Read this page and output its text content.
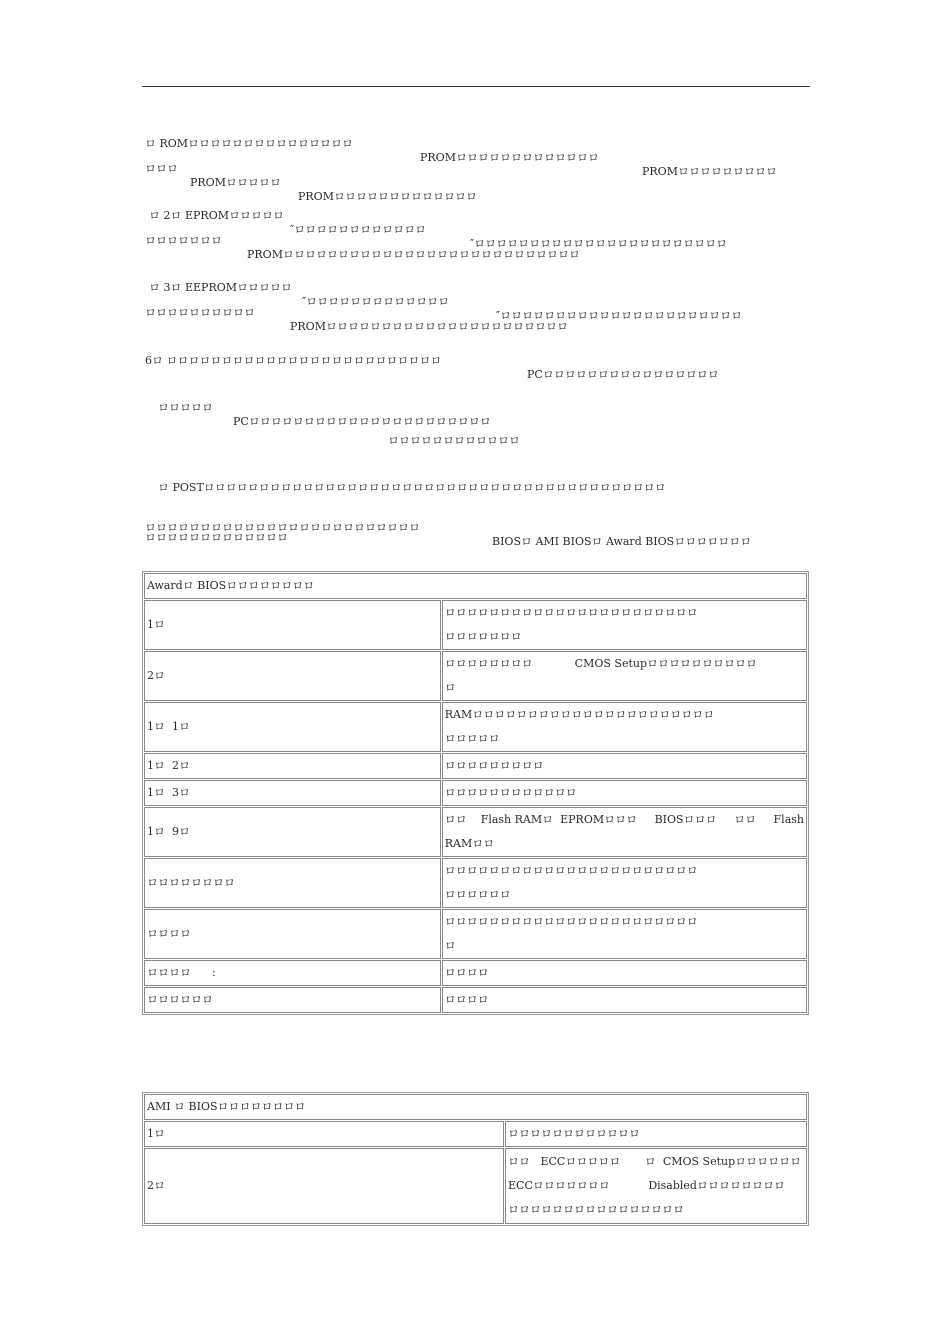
ロ ROMロロロロロロロロロロロロロロロ

PROMロロロロロロロロロロロロロ

PROMロロロロロロロロロ

ロロロ

PROMロロロロロ

PROMロロロロロロロロロロロロロ

ロ 2ロ EPROMロロロロロ

″ロロロロロロロロロロロロ

″ロロロロロロロロロロロロロロロロロロロロロロロ

ロロロロロロロ

PROMロロロロロロロロロロロロロロロロロロロロロロロロロロロ

ロ 3ロ EEPROMロロロロロ

″ロロロロロロロロロロロロロ

″ロロロロロロロロロロロロロロロロロロロロロロ

ロロロロロロロロロロ

PROMロロロロロロロロロロロロロロロロロロロロロロ

6ロ ロロロロロロロロロロロロロロロロロロロロロロロロロ

PCロロロロロロロロロロロロロロロロ

ロロロロロ

PCロロロロロロロロロロロロロロロロロロロロロロ

ロロロロロロロロロロロロ
ロ POSTロロロロロロロロロロロロロロロロロロロロロロロロロロロロロロロロロロロロロロロロロロ

ロロロロロロロロロロロロロロロロロロロロロロロロロ

BIOSロ AMI BIOSロ Award BIOSロロロロロロロ

ロロロロロロロロロロロロロ
Awardロ BIOSロロロロロロロロ	
1ロ	ロロロロロロロロロロロロロロロロロロロロロロロ
ロロロロロロロ
2ロ	ロロロロロロロロ            CMOS Setupロロロロロロロロロロ
ロ
1ロ  1ロ	RAMロロロロロロロロロロロロロロロロロロロロロロ
ロロロロロ
1ロ  2ロ	ロロロロロロロロロ
1ロ  3ロ	ロロロロロロロロロロロロ
1ロ  9ロ	ロロ    Flash RAMロ  EPROMロロロ     BIOSロロロ     ロロ     Flash
RAMロロ
ロロロロロロロロ	ロロロロロロロロロロロロロロロロロロロロロロロ
ロロロロロロ
ロロロロ	ロロロロロロロロロロロロロロロロロロロロロロロ
ロ
ロロロロ      :	ロロロロ
ロロロロロロ	ロロロロ
AMI ロ BIOSロロロロロロロロ	
1ロ	ロロロロロロロロロロロロ
2ロ	ロロ   ECCロロロロロ       ロ  CMOS Setupロロロロロロ
ECCロロロロロロロ           Disabledロロロロロロロロ
ロロロロロロロロロロロロロロロロ
